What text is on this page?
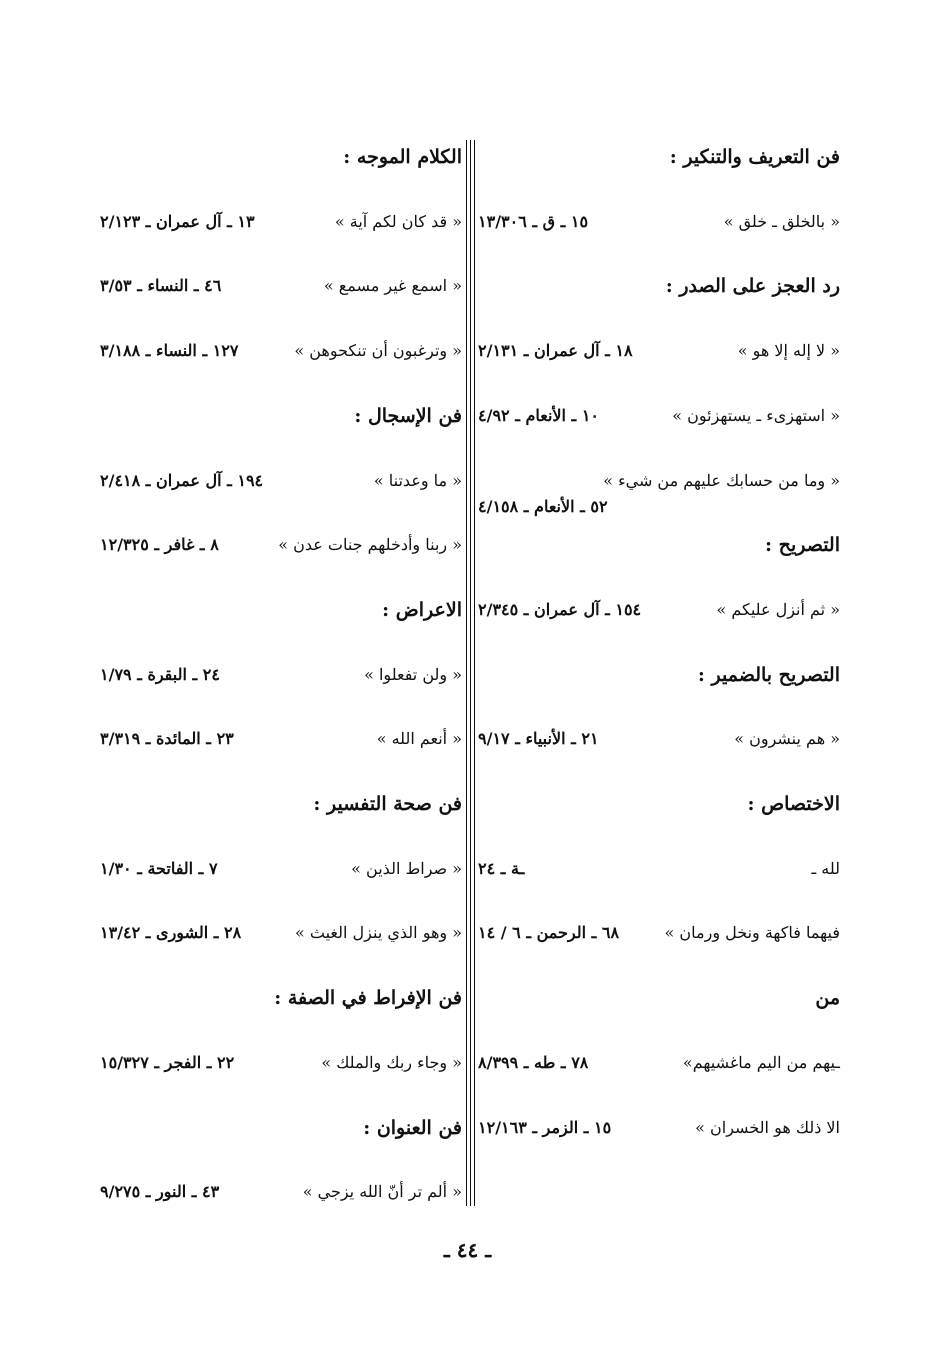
فن التعريف والتنكير :
« بالخلق ـ خلق »
١٥ ـ ق ـ ١٣/٣٠٦
رد العجز على الصدر :
« لا إله إلا هو »
١٨ ـ آل عمران ـ ٢/١٣١
« استهزىء ـ يستهزئون »
١٠ ـ الأنعام ـ ٤/٩٢
« وما من حسابك عليهم من شيء »
٥٢ ـ الأنعام ـ ٤/١٥٨
التصريح :
« ثم أنزل عليكم »
١٥٤ ـ آل عمران ـ ٢/٣٤٥
التصريح بالضمير :
« هم ينشرون »
٢١ ـ الأنبياء ـ ٩/١٧
الاختصاص :
لله ـ
ـة ـ ٢٤
فيهما فاكهة ونخل ورمان »
٦٨ ـ الرحمن ـ ٦ / ١٤
من
ـيهم من اليم ماغشيهم»
٧٨ ـ طه ـ ٨/٣٩٩
الا ذلك هو الخسران »
١٥ ـ الزمر ـ ١٢/١٦٣
الكلام الموجه :
« قد كان لكم آية »
١٣ ـ آل عمران ـ ٢/١٢٣
« اسمع غير مسمع »
٤٦ ـ النساء ـ ٣/٥٣
« وترغبون أن تنكحوهن »
١٢٧ ـ النساء ـ ٣/١٨٨
فن الإسجال :
« ما وعدتنا »
١٩٤ ـ آل عمران ـ ٢/٤١٨
« ربنا وأدخلهم جنات عدن »
٨ ـ غافر ـ ١٢/٣٢٥
الاعراض :
« ولن تفعلوا »
٢٤ ـ البقرة ـ ١/٧٩
« أنعم الله »
٢٣ ـ المائدة ـ ٣/٣١٩
فن صحة التفسير :
« صراط الذين »
٧ ـ الفاتحة ـ ١/٣٠
« وهو الذي ينزل الغيث »
٢٨ ـ الشورى ـ ١٣/٤٢
فن الإفراط في الصفة :
« وجاء ربك والملك »
٢٢ ـ الفجر ـ ١٥/٣٢٧
فن العنوان :
« ألم تر أنّ الله يزجي »
٤٣ ـ النور ـ ٩/٢٧٥
ـ ٤٤ ـ
